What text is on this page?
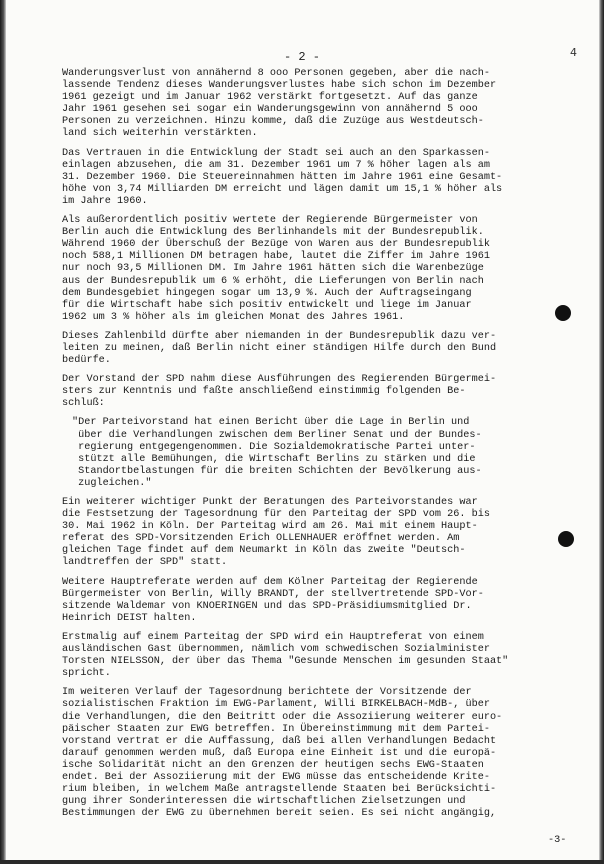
- 2 -	4
Wanderungsverlust von annähernd 8 ooo Personen gegeben, aber die nach-
lassende Tendenz dieses Wanderungsverlustes habe sich schon im Dezember
1961 gezeigt und im Januar 1962 verstärkt fortgesetzt. Auf das ganze
Jahr 1961 gesehen sei sogar ein Wanderungsgewinn von annähernd 5 ooo
Personen zu verzeichnen. Hinzu komme, daß die Zuzüge aus Westdeutsch-
land sich weiterhin verstärkten.
Das Vertrauen in die Entwicklung der Stadt sei auch an den Sparkassen-
einlagen abzusehen, die am 31. Dezember 1961 um 7 % höher lagen als am
31. Dezember 1960. Die Steuereinnahmen hätten im Jahre 1961 eine Gesamt-
höhe von 3,74 Milliarden DM erreicht und lägen damit um 15,1 % höher als
im Jahre 1960.
Als außerordentlich positiv wertete der Regierende Bürgermeister von
Berlin auch die Entwicklung des Berlinhandels mit der Bundesrepublik.
Während 1960 der Überschuß der Bezüge von Waren aus der Bundesrepublik
noch 588,1 Millionen DM betragen habe, lautet die Ziffer im Jahre 1961
nur noch 93,5 Millionen DM. Im Jahre 1961 hätten sich die Warenbezüge
aus der Bundesrepublik um 6 % erhöht, die Lieferungen von Berlin nach
dem Bundesgebiet hingegen sogar um 13,9 %. Auch der Auftragseingang
für die Wirtschaft habe sich positiv entwickelt und liege im Januar
1962 um 3 % höher als im gleichen Monat des Jahres 1961.
Dieses Zahlenbild dürfte aber niemanden in der Bundesrepublik dazu ver-
leiten zu meinen, daß Berlin nicht einer ständigen Hilfe durch den Bund
bedürfe.
Der Vorstand der SPD nahm diese Ausführungen des Regierenden Bürgermei-
sters zur Kenntnis und faßte anschließend einstimmig folgenden Be-
schluß:
"Der Parteivorstand hat einen Bericht über die Lage in Berlin und
über die Verhandlungen zwischen dem Berliner Senat und der Bundes-
regierung entgegengenommen. Die Sozialdemokratische Partei unter-
stützt alle Bemühungen, die Wirtschaft Berlins zu stärken und die
Standortbelastungen für die breiten Schichten der Bevölkerung aus-
zugleichen."
Ein weiterer wichtiger Punkt der Beratungen des Parteivorstandes war
die Festsetzung der Tagesordnung für den Parteitag der SPD vom 26. bis
30. Mai 1962 in Köln. Der Parteitag wird am 26. Mai mit einem Haupt-
referat des SPD-Vorsitzenden Erich OLLENHAUER eröffnet werden. Am
gleichen Tage findet auf dem Neumarkt in Köln das zweite "Deutsch-
landtreffen der SPD" statt.
Weitere Hauptreferate werden auf dem Kölner Parteitag der Regierende
Bürgermeister von Berlin, Willy BRANDT, der stellvertretende SPD-Vor-
sitzende Waldemar von KNOERINGEN und das SPD-Präsidiumsmitglied Dr.
Heinrich DEIST halten.
Erstmalig auf einem Parteitag der SPD wird ein Hauptreferat von einem
ausländischen Gast übernommen, nämlich vom schwedischen Sozialminister
Torsten NIELSSON, der über das Thema "Gesunde Menschen im gesunden Staat"
spricht.
Im weiteren Verlauf der Tagesordnung berichtete der Vorsitzende der
sozialistischen Fraktion im EWG-Parlament, Willi BIRKELBACH-MdB-, über
die Verhandlungen, die den Beitritt oder die Assoziierung weiterer euro-
päischer Staaten zur EWG betreffen. In Übereinstimmung mit dem Partei-
vorstand vertrat er die Auffassung, daß bei allen Verhandlungen Bedacht
darauf genommen werden muß, daß Europa eine Einheit ist und die europä-
ische Solidarität nicht an den Grenzen der heutigen sechs EWG-Staaten
endet. Bei der Assoziierung mit der EWG müsse das entscheidende Krite-
rium bleiben, in welchem Maße antragstellende Staaten bei Berücksichti-
gung ihrer Sonderinteressen die wirtschaftlichen Zielsetzungen und
Bestimmungen der EWG zu übernehmen bereit seien. Es sei nicht angängig,
-3-
